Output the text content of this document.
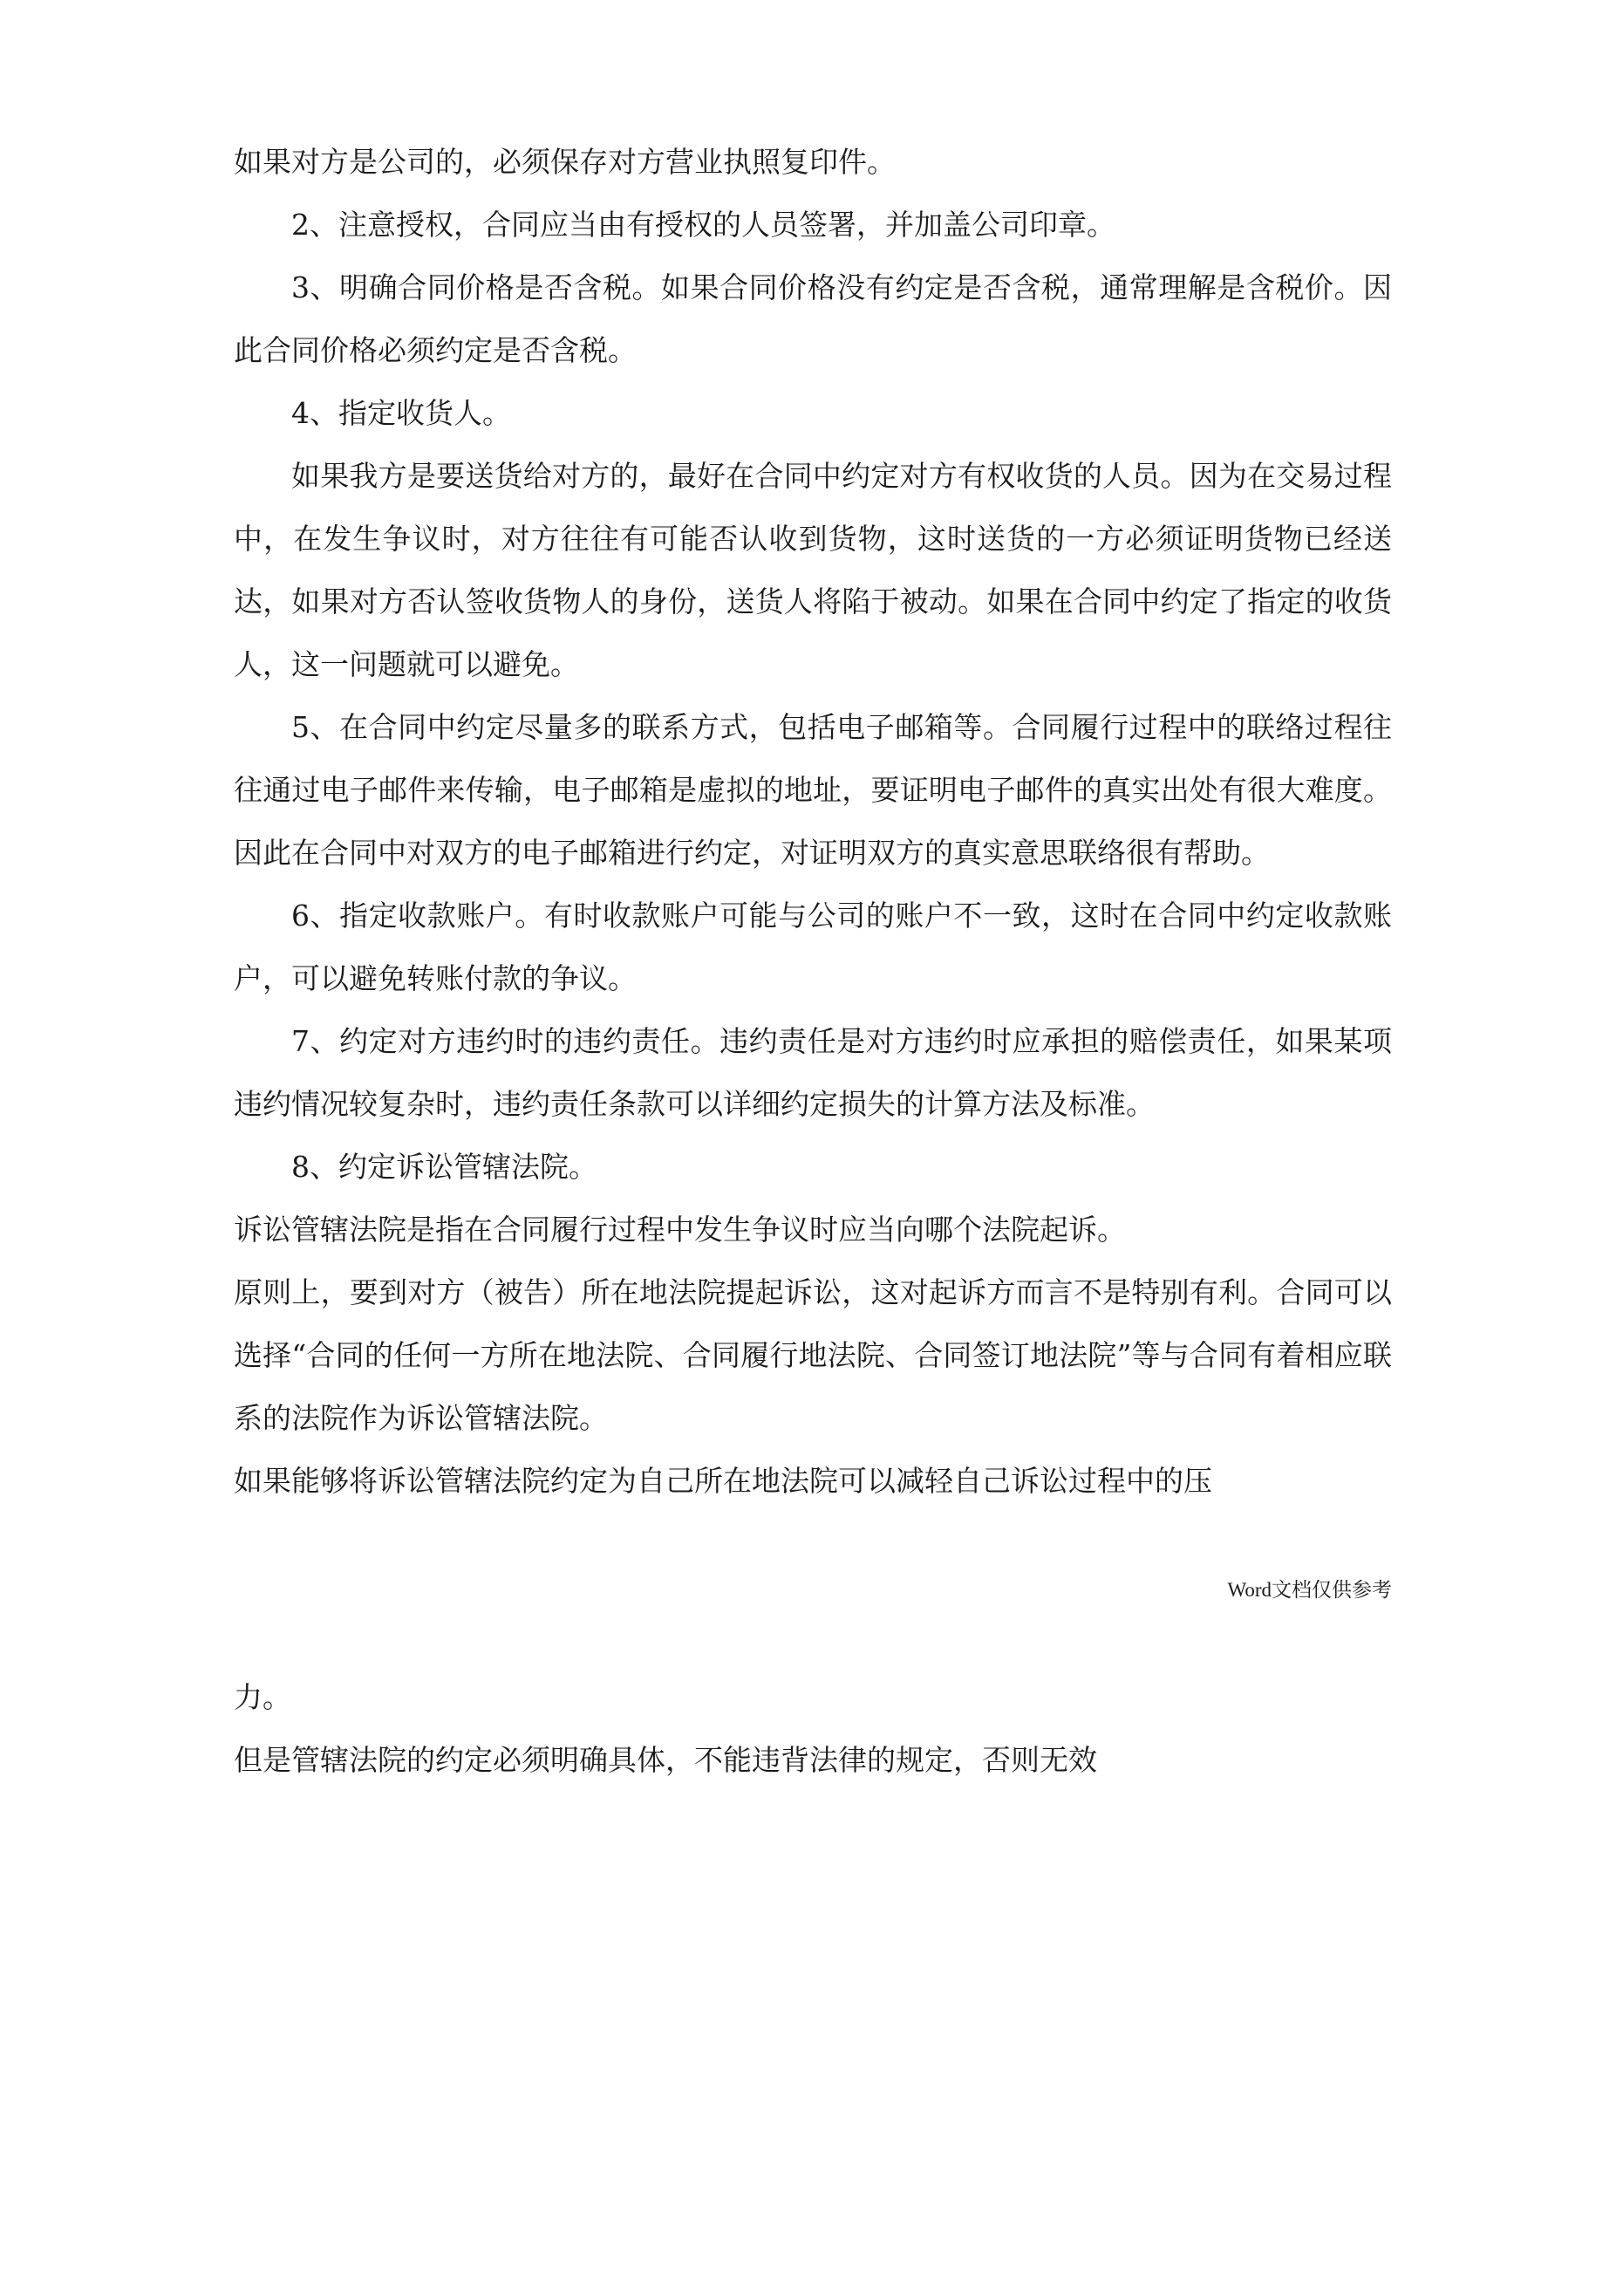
如果对方是公司的，必须保存对方营业执照复印件。

2、注意授权，合同应当由有授权的人员签署，并加盖公司印章。

3、明确合同价格是否含税。如果合同价格没有约定是否含税，通常理解是含税价。因此合同价格必须约定是否含税。

4、指定收货人。

如果我方是要送货给对方的，最好在合同中约定对方有权收货的人员。因为在交易过程中，在发生争议时，对方往往有可能否认收到货物，这时送货的一方必须证明货物已经送达，如果对方否认签收货物人的身份，送货人将陷于被动。如果在合同中约定了指定的收货人，这一问题就可以避免。

5、在合同中约定尽量多的联系方式，包括电子邮箱等。合同履行过程中的联络过程往往通过电子邮件来传输，电子邮箱是虚拟的地址，要证明电子邮件的真实出处有很大难度。因此在合同中对双方的电子邮箱进行约定，对证明双方的真实意思联络很有帮助。

6、指定收款账户。有时收款账户可能与公司的账户不一致，这时在合同中约定收款账户，可以避免转账付款的争议。

7、约定对方违约时的违约责任。违约责任是对方违约时应承担的赔偿责任，如果某项违约情况较复杂时，违约责任条款可以详细约定损失的计算方法及标准。

8、约定诉讼管辖法院。

诉讼管辖法院是指在合同履行过程中发生争议时应当向哪个法院起诉。

原则上，要到对方（被告）所在地法院提起诉讼，这对起诉方而言不是特别有利。合同可以选择“合同的任何一方所在地法院、合同履行地法院、合同签订地法院”等与合同有着相应联系的法院作为诉讼管辖法院。

如果能够将诉讼管辖法院约定为自己所在地法院可以减轻自己诉讼过程中的压

Word文档仅供参考

力。

但是管辖法院的约定必须明确具体，不能违背法律的规定，否则无效
